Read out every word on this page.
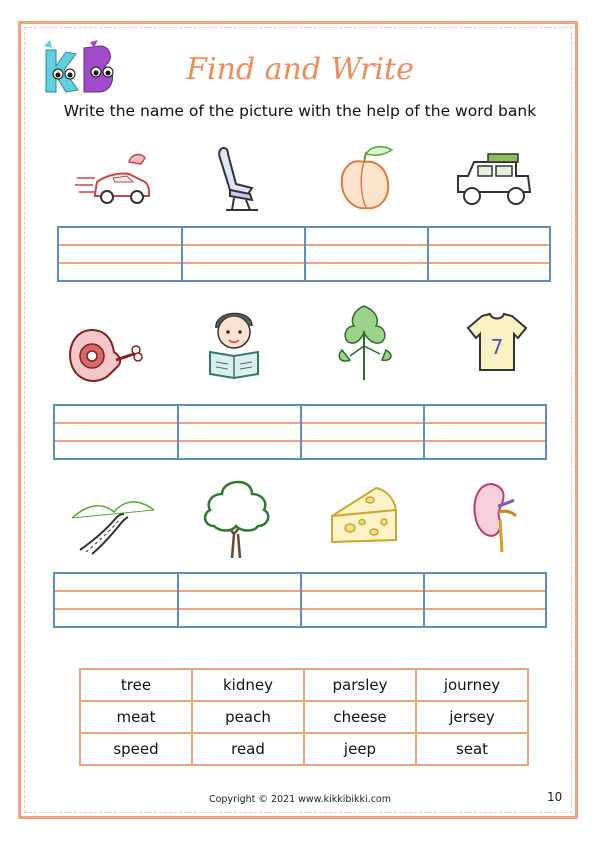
Find and Write
Write the name of the picture with the help of the word bank
7
tree	kidney	parsley	journey
meat	peach	cheese	jersey
speed	read	jeep	seat
Copyright © 2021 www.kikkibikki.com	10
